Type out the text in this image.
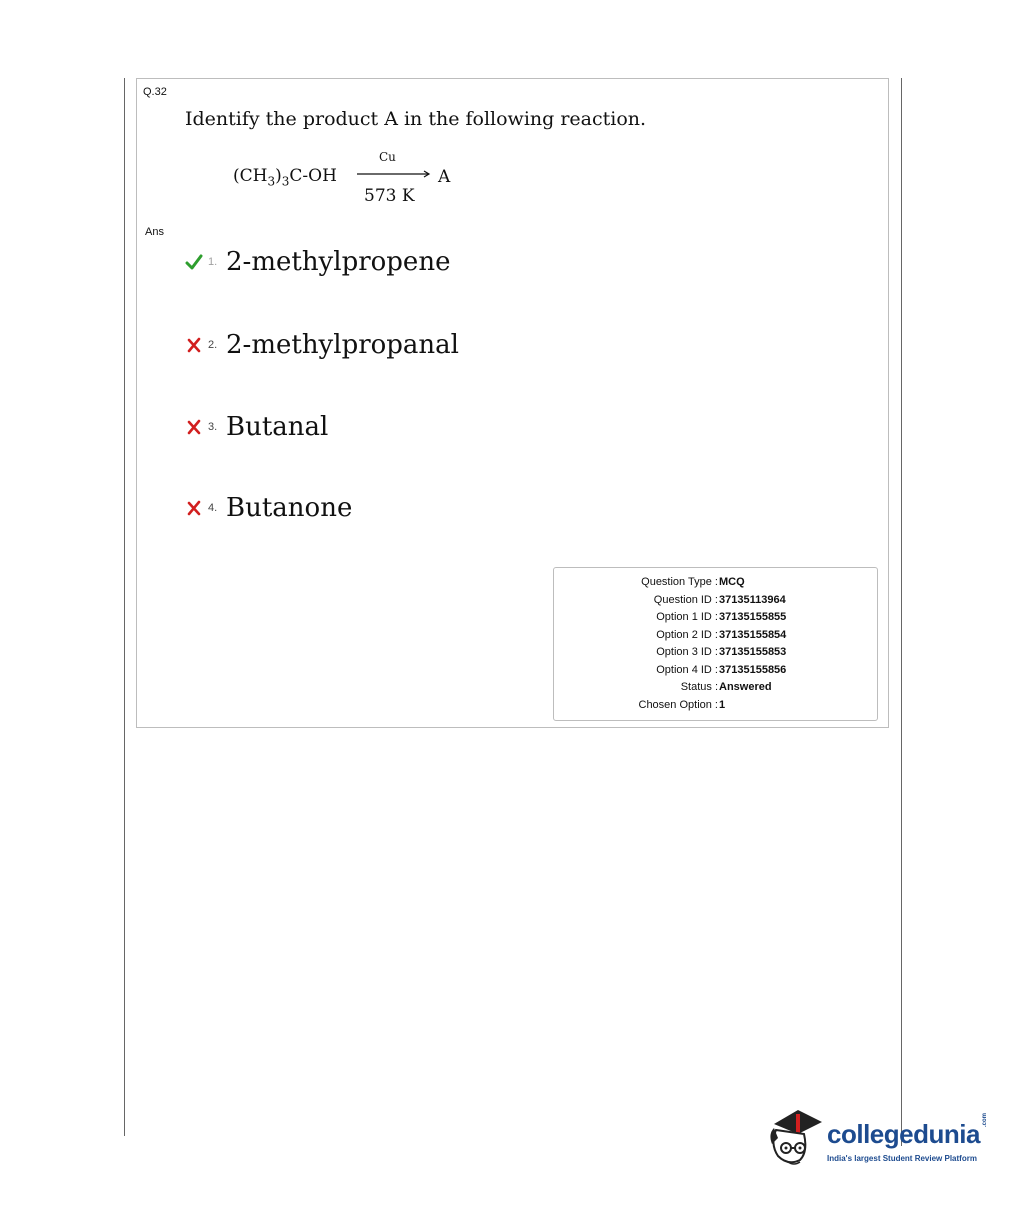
Q.32
Identify the product A in the following reaction.
$(CH_3)_3C-OH$
Cu
573 K
A
Ans
1. 2-methylpropene
2. 2-methylpropanal
3. Butanal
4. Butanone
Question Type : MCQ
Question ID : 37135113964
Option 1 ID : 37135155855
Option 2 ID : 37135155854
Option 3 ID : 37135155853
Option 4 ID : 37135155856
Status : Answered
Chosen Option : 1
collegedunia .com
India's largest Student Review Platform
